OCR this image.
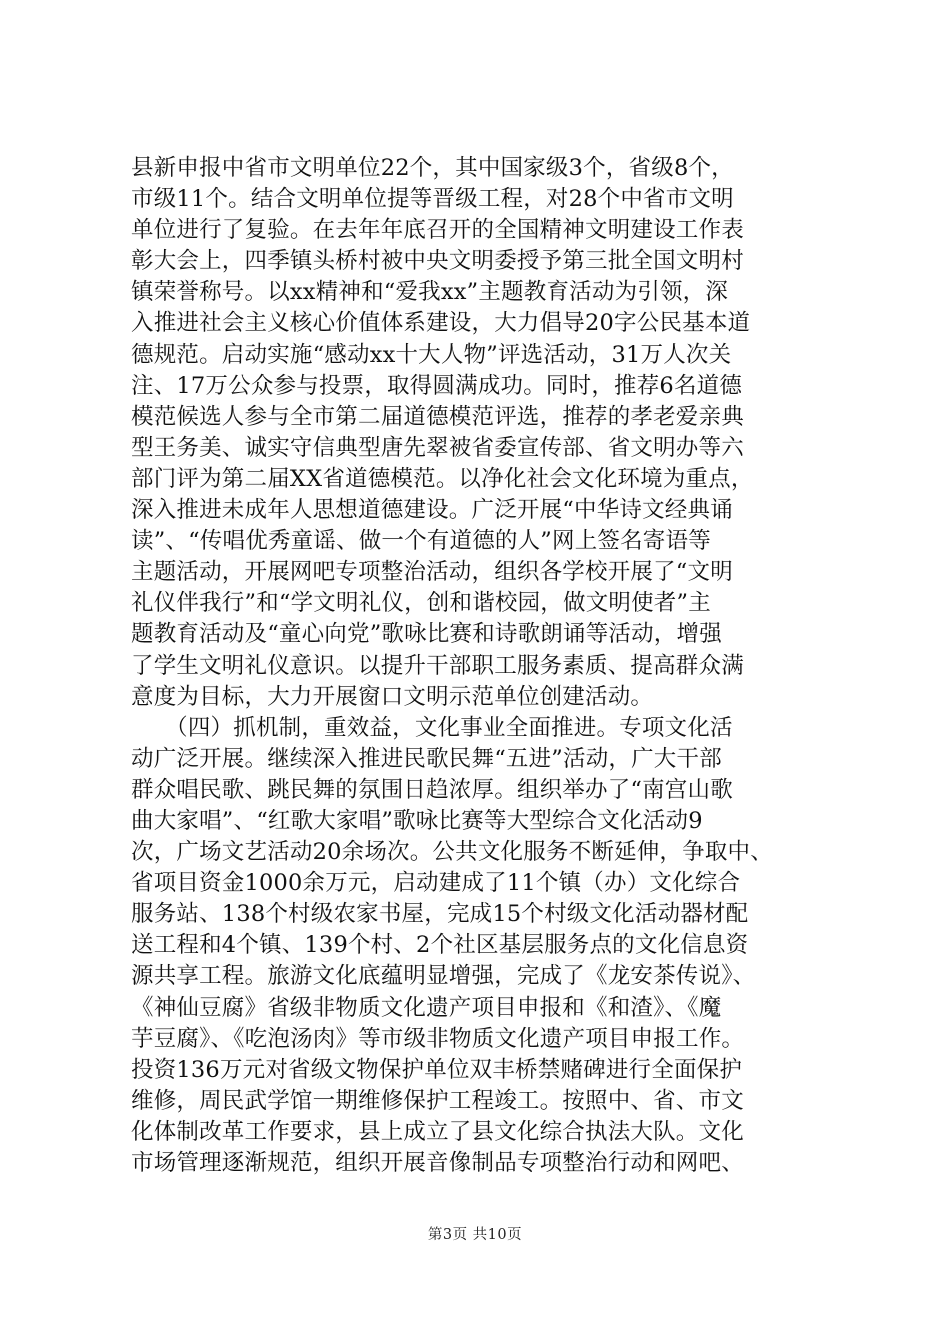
县新申报中省市文明单位22个，其中国家级3个，省级8个，
市级11个。结合文明单位提等晋级工程，对28个中省市文明
单位进行了复验。在去年年底召开的全国精神文明建设工作表
彰大会上，四季镇头桥村被中央文明委授予第三批全国文明村
镇荣誉称号。以xx精神和“爱我xx”主题教育活动为引领，深
入推进社会主义核心价值体系建设，大力倡导20字公民基本道
德规范。启动实施“感动xx十大人物”评选活动，31万人次关
注、17万公众参与投票，取得圆满成功。同时，推荐6名道德
模范候选人参与全市第二届道德模范评选，推荐的孝老爱亲典
型王务美、诚实守信典型唐先翠被省委宣传部、省文明办等六
部门评为第二届XX省道德模范。以净化社会文化环境为重点，
深入推进未成年人思想道德建设。广泛开展“中华诗文经典诵
读”、“传唱优秀童谣、做一个有道德的人”网上签名寄语等
主题活动，开展网吧专项整治活动，组织各学校开展了“文明
礼仪伴我行”和“学文明礼仪，创和谐校园，做文明使者”主
题教育活动及“童心向党”歌咏比赛和诗歌朗诵等活动，增强
了学生文明礼仪意识。以提升干部职工服务素质、提高群众满
意度为目标，大力开展窗口文明示范单位创建活动。
　　（四）抓机制，重效益，文化事业全面推进。专项文化活
动广泛开展。继续深入推进民歌民舞“五进”活动，广大干部
群众唱民歌、跳民舞的氛围日趋浓厚。组织举办了“南宫山歌
曲大家唱”、“红歌大家唱”歌咏比赛等大型综合文化活动9
次，广场文艺活动20余场次。公共文化服务不断延伸，争取中、
省项目资金1000余万元，启动建成了11个镇（办）文化综合
服务站、138个村级农家书屋，完成15个村级文化活动器材配
送工程和4个镇、139个村、2个社区基层服务点的文化信息资
源共享工程。旅游文化底蕴明显增强，完成了《龙安茶传说》、
《神仙豆腐》省级非物质文化遗产项目申报和《和渣》、《魔
芋豆腐》、《吃泡汤肉》等市级非物质文化遗产项目申报工作。
投资136万元对省级文物保护单位双丰桥禁赌碑进行全面保护
维修，周民武学馆一期维修保护工程竣工。按照中、省、市文
化体制改革工作要求，县上成立了县文化综合执法大队。文化
市场管理逐渐规范，组织开展音像制品专项整治行动和网吧、
第3页 共10页
